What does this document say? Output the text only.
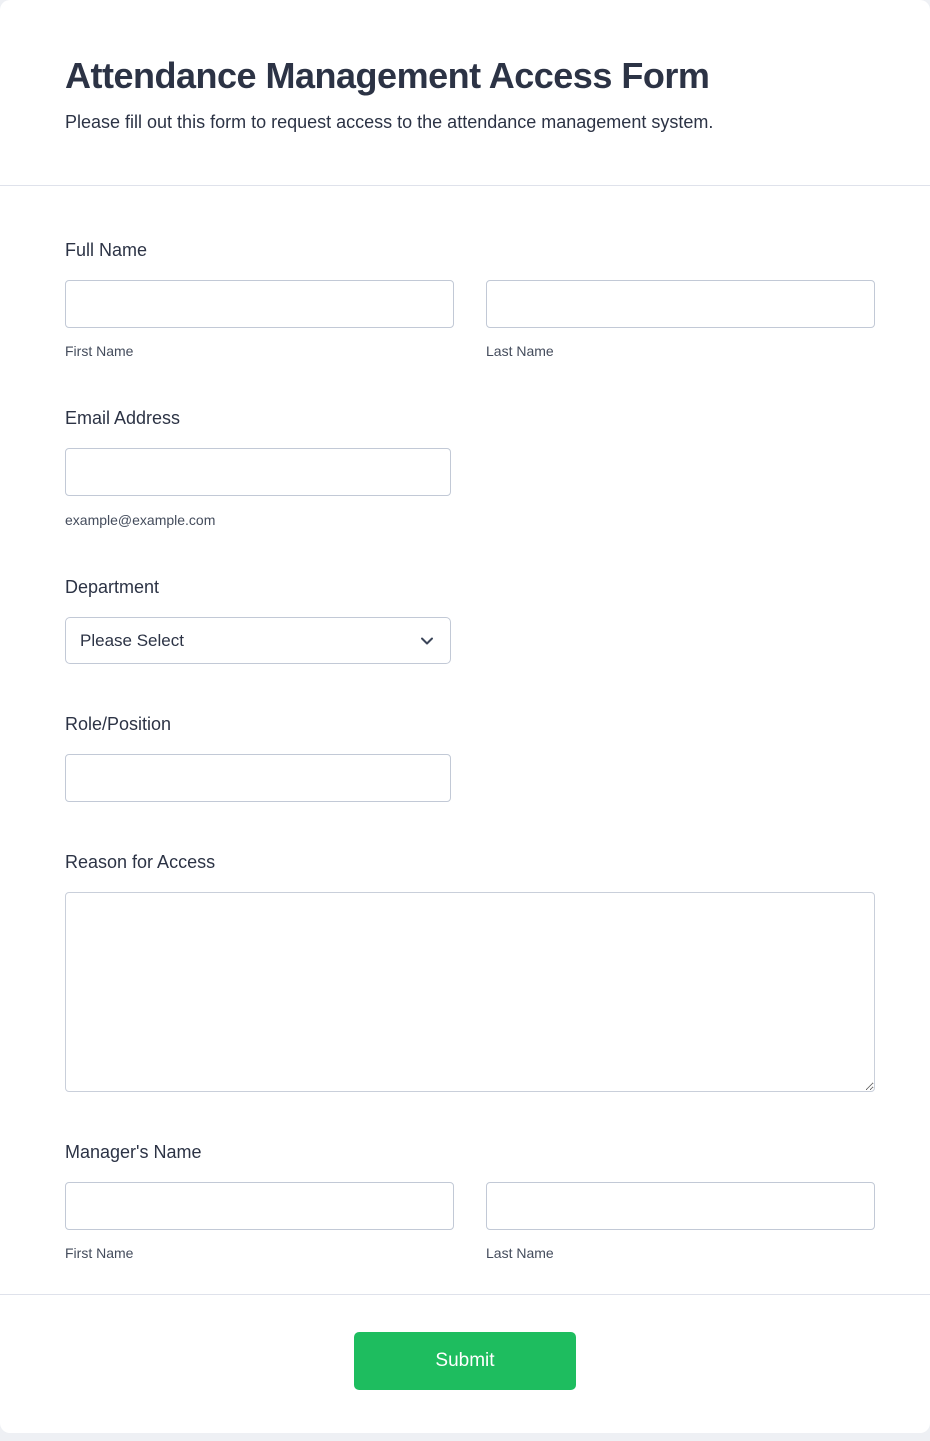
Attendance Management Access Form
Please fill out this form to request access to the attendance management system.
Full Name
First Name	Last Name
Email Address
example@example.com
Department
Please Select
Role/Position
Reason for Access
Manager's Name
First Name	Last Name
Submit
